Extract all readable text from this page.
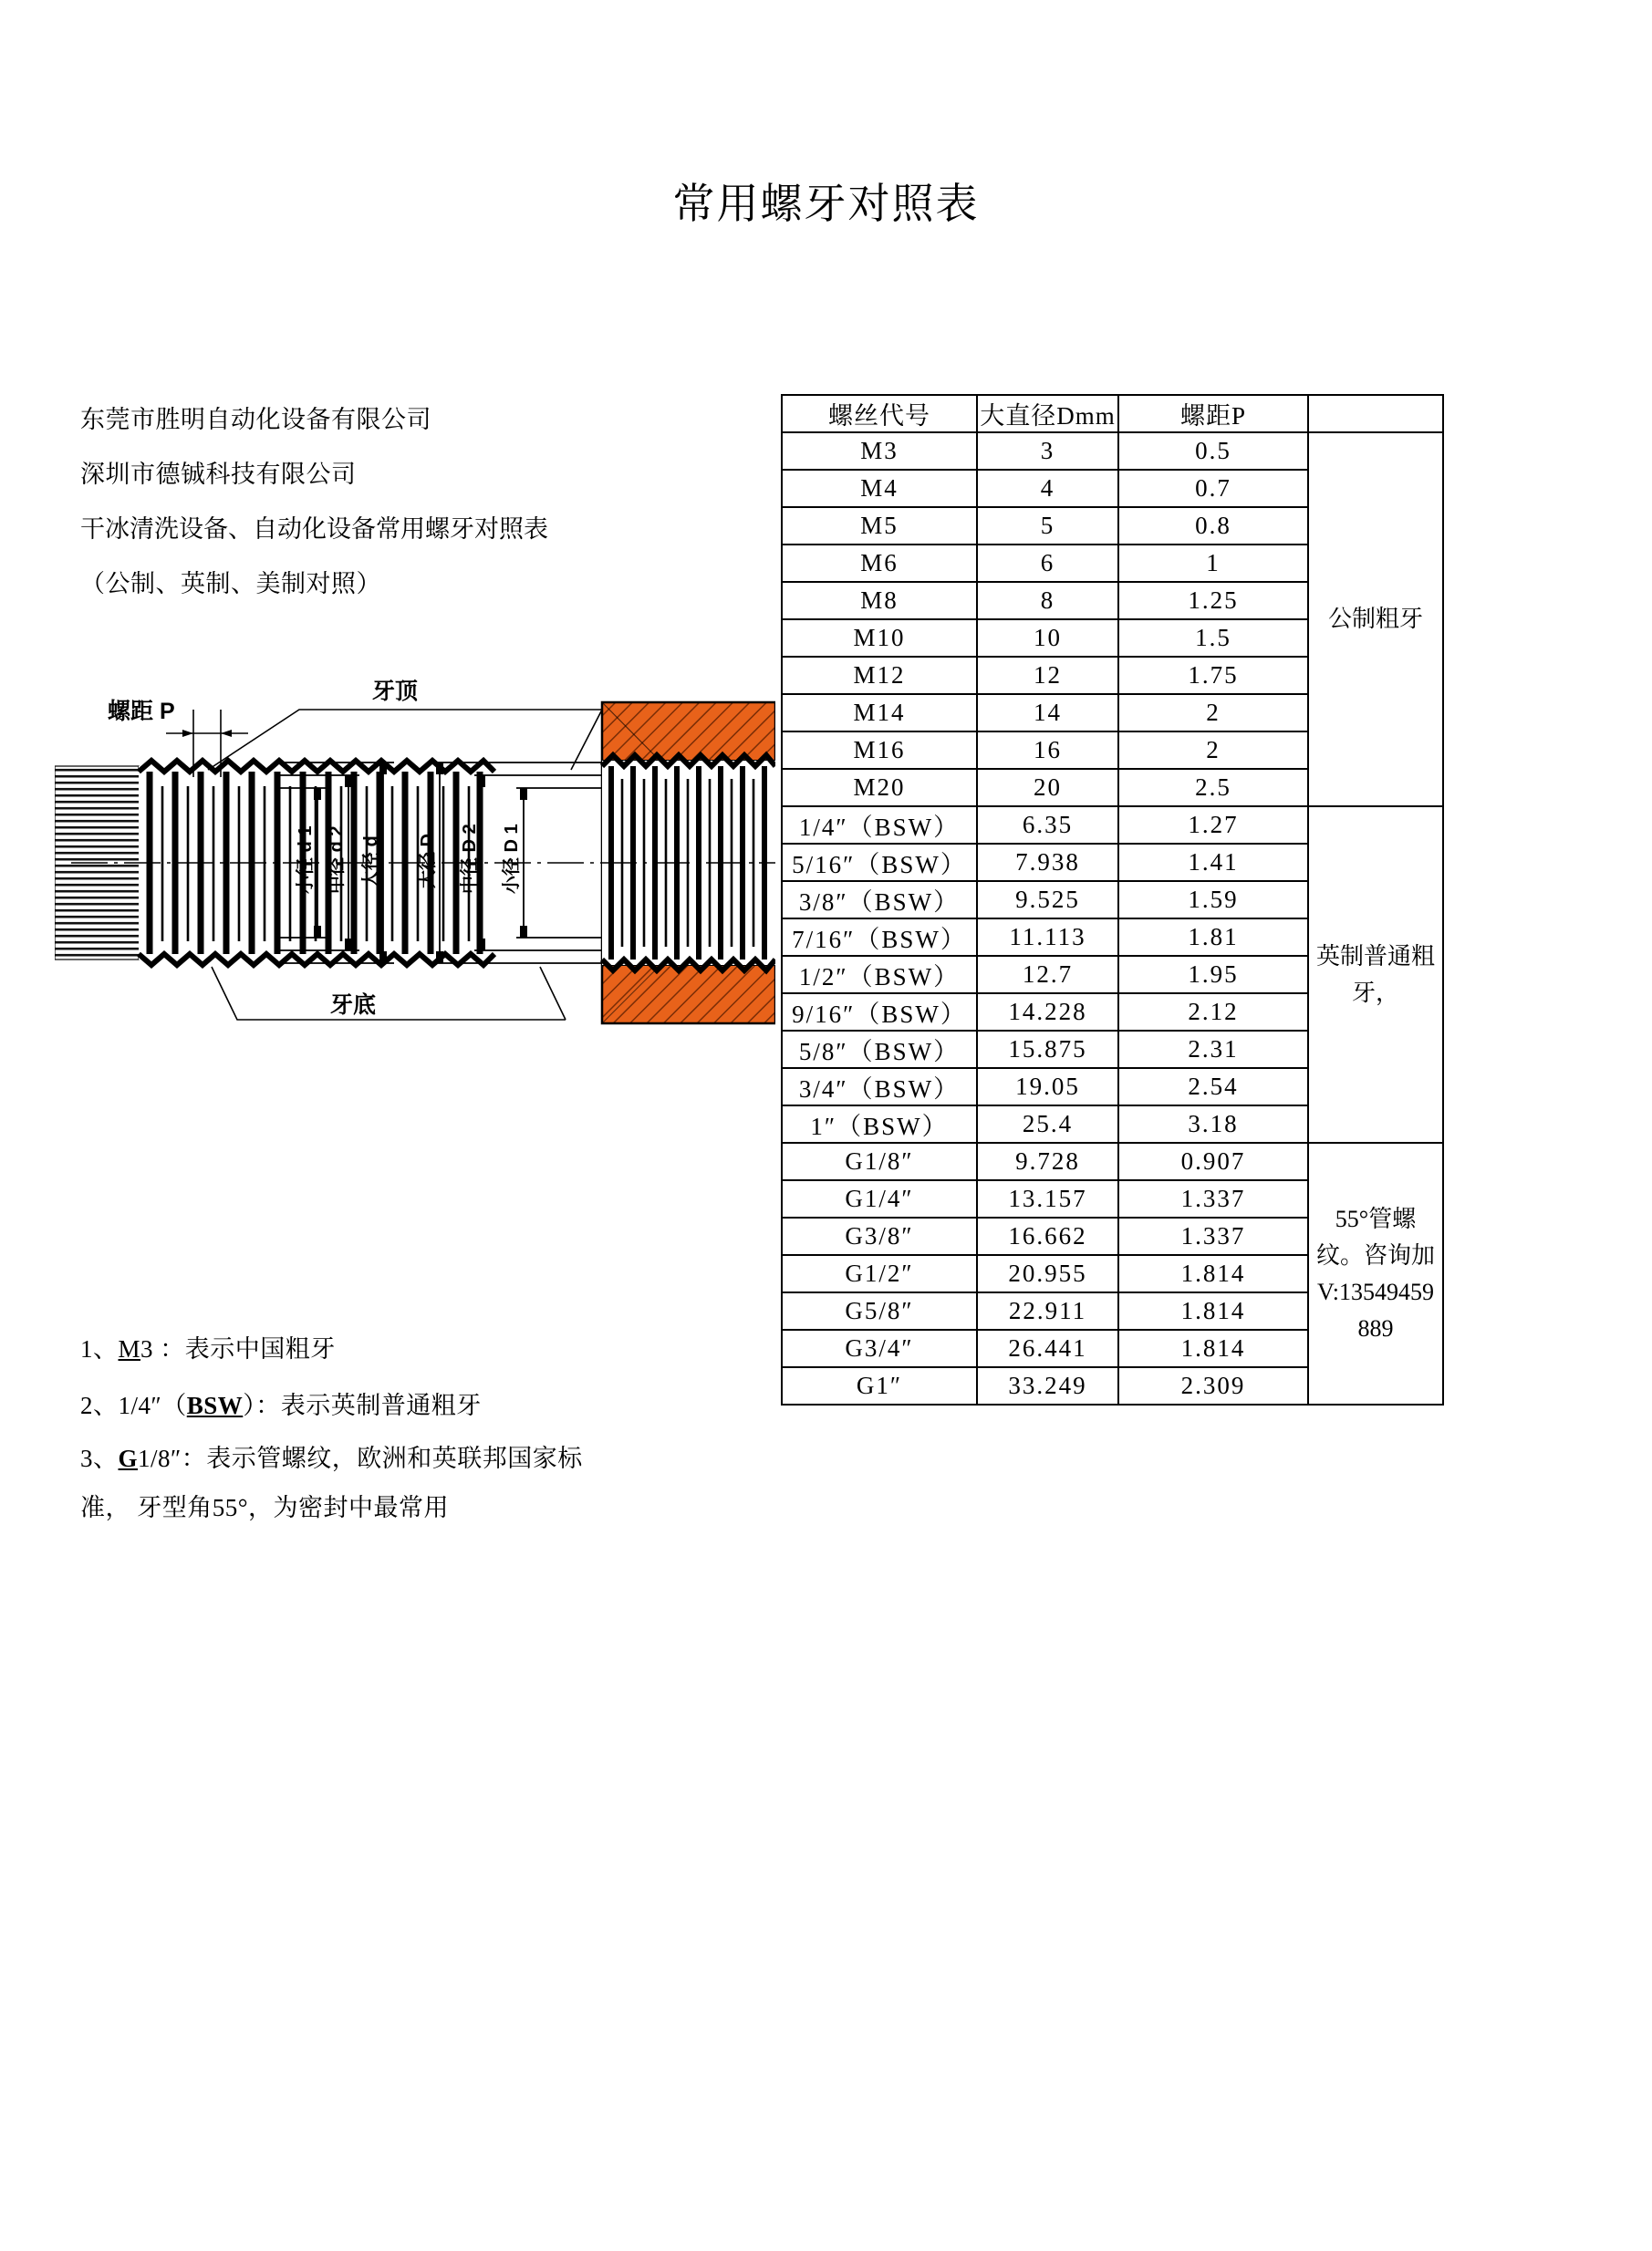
常用螺牙对照表
东莞市胜明自动化设备有限公司
深圳市德铖科技有限公司
干冰清洗设备、自动化设备常用螺牙对照表
（公制、英制、美制对照）
螺距 P
牙顶
牙底
小径 d 1 中径 d 2 大径 d 大径 D 中径 D 2 小径 D 1
1、M3 ：表示中国粗牙
2、1/4″（BSW）：表示英制普通粗牙
3、G1/8″：表示管螺纹，欧洲和英联邦国家标
准， 牙型角55°，为密封中最常用
螺丝代号	大直径Dmm	螺距P	
M3	3	0.5	公制粗牙
M4	4	0.7	
M5	5	0.8	
M6	6	1	
M8	8	1.25	
M10	10	1.5	
M12	12	1.75	
M14	14	2	
M16	16	2	
M20	20	2.5	
1/4″（BSW）	6.35	1.27	英制普通粗牙，
5/16″（BSW）	7.938	1.41	
3/8″（BSW）	9.525	1.59	
7/16″（BSW）	11.113	1.81	
1/2″（BSW）	12.7	1.95	
9/16″（BSW）	14.228	2.12	
5/8″（BSW）	15.875	2.31	
3/4″（BSW）	19.05	2.54	
1″（BSW）	25.4	3.18	
G1/8″	9.728	0.907	55°管螺纹。咨询加 V:13549459889
G1/4″	13.157	1.337	
G3/8″	16.662	1.337	
G1/2″	20.955	1.814	
G5/8″	22.911	1.814	
G3/4″	26.441	1.814	
G1″	33.249	2.309	
